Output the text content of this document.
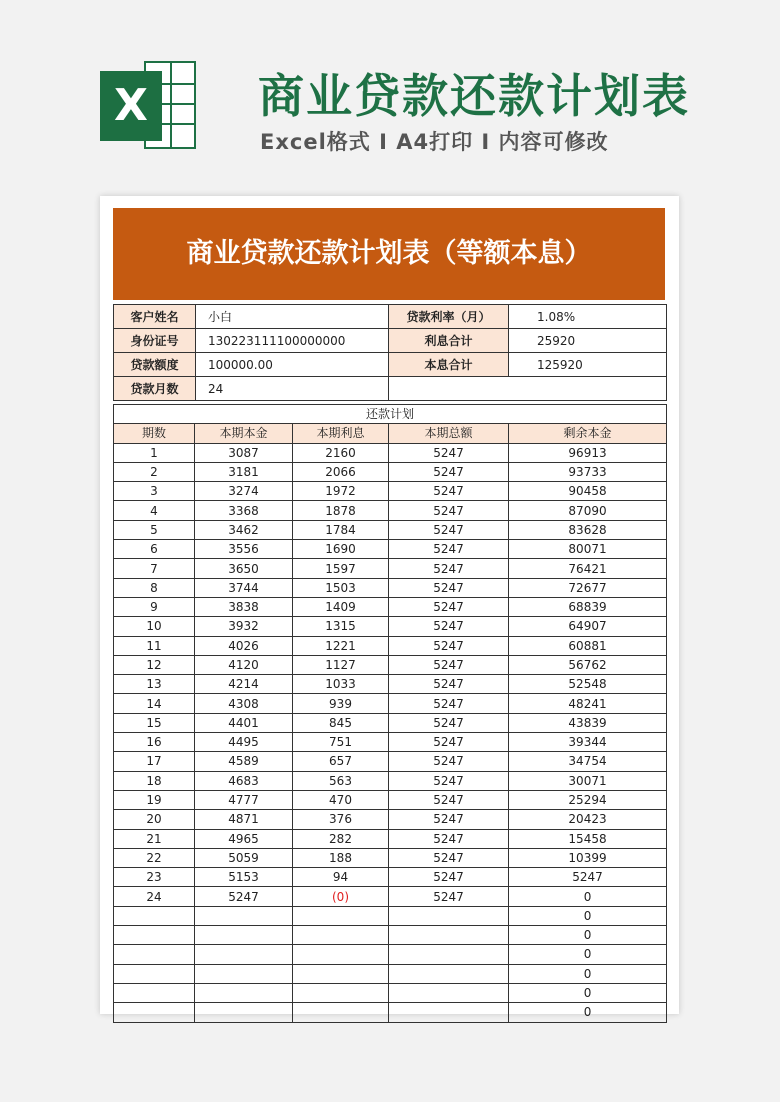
X	商业贷款还款计划表
Excel格式 I A4打印 I 内容可修改
商业贷款还款计划表（等额本息）
客户姓名	小白	贷款利率（月）	1.08%
身份证号	130223111100000000	利息合计	25920
贷款额度	100000.00	本息合计	125920
贷款月数	24		
还款计划				
期数	本期本金	本期利息	本期总额	剩余本金
1	3087	2160	5247	96913
2	3181	2066	5247	93733
3	3274	1972	5247	90458
4	3368	1878	5247	87090
5	3462	1784	5247	83628
6	3556	1690	5247	80071
7	3650	1597	5247	76421
8	3744	1503	5247	72677
9	3838	1409	5247	68839
10	3932	1315	5247	64907
11	4026	1221	5247	60881
12	4120	1127	5247	56762
13	4214	1033	5247	52548
14	4308	939	5247	48241
15	4401	845	5247	43839
16	4495	751	5247	39344
17	4589	657	5247	34754
18	4683	563	5247	30071
19	4777	470	5247	25294
20	4871	376	5247	20423
21	4965	282	5247	15458
22	5059	188	5247	10399
23	5153	94	5247	5247
24	5247	(0)	5247	0
				0
				0
				0
				0
				0
				0
